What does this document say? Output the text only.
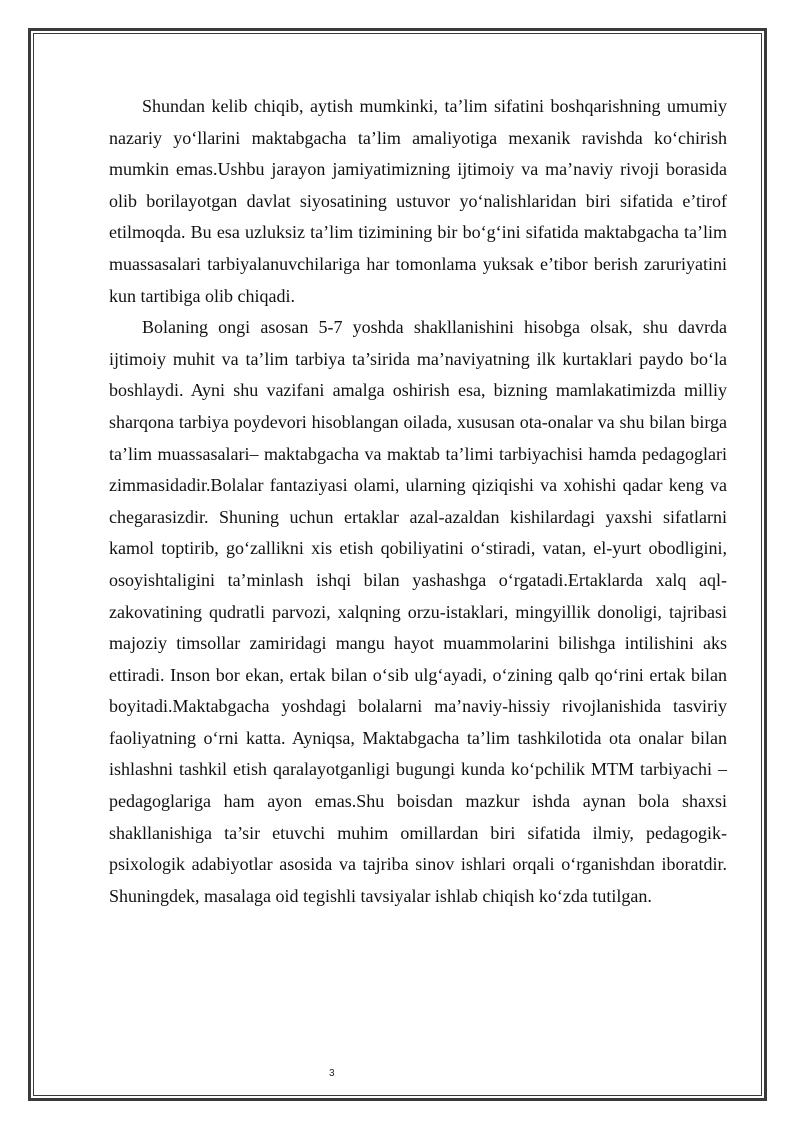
Shundan kelib chiqib, aytish mumkinki, ta’lim sifatini boshqarishning umumiy nazariy yo‘llarini maktabgacha ta’lim amaliyotiga mexanik ravishda ko‘chirish mumkin emas.Ushbu jarayon jamiyatimizning ijtimoiy va ma’naviy rivoji borasida olib borilayotgan davlat siyosatining ustuvor yo‘nalishlaridan biri sifatida e’tirof etilmoqda. Bu esa uzluksiz ta’lim tizimining bir bo‘g‘ini sifatida maktabgacha ta’lim muassasalari tarbiyalanuvchilariga har tomonlama yuksak e’tibor berish zaruriyatini kun tartibiga olib chiqadi.

Bolaning ongi asosan 5-7 yoshda shakllanishini hisobga olsak, shu davrda ijtimoiy muhit va ta’lim tarbiya ta’sirida ma’naviyatning ilk kurtaklari paydo bo‘la boshlaydi. Ayni shu vazifani amalga oshirish esa, bizning mamlakatimizda milliy sharqona tarbiya poydevori hisoblangan oilada, xususan ota-onalar va shu bilan birga ta’lim muassasalari– maktabgacha va maktab ta’limi tarbiyachisi hamda pedagoglari zimmasidadir.Bolalar fantaziyasi olami, ularning qiziqishi va xohishi qadar keng va chegarasizdir. Shuning uchun ertaklar azal-azaldan kishilardagi yaxshi sifatlarni kamol toptirib, go‘zallikni xis etish qobiliyatini o‘stiradi, vatan, el-yurt obodligini, osoyishtaligini ta’minlash ishqi bilan yashashga o‘rgatadi.Ertaklarda xalq aql-zakovatining qudratli parvozi, xalqning orzu-istaklari, mingyillik donoligi, tajribasi majoziy timsollar zamiridagi mangu hayot muammolarini bilishga intilishini aks ettiradi. Inson bor ekan, ertak bilan o‘sib ulg‘ayadi, o‘zining qalb qo‘rini ertak bilan boyitadi.Maktabgacha yoshdagi bolalarni ma’naviy-hissiy rivojlanishida tasviriy faoliyatning o‘rni katta. Ayniqsa, Maktabgacha ta’lim tashkilotida ota onalar bilan ishlashni tashkil etish qaralayotganligi bugungi kunda ko‘pchilik MTM tarbiyachi –pedagoglariga ham ayon emas.Shu boisdan mazkur ishda aynan bola shaxsi shakllanishiga ta’sir etuvchi muhim omillardan biri sifatida ilmiy, pedagogik-psixologik adabiyotlar asosida va tajriba sinov ishlari orqali o‘rganishdan iboratdir. Shuningdek, masalaga oid tegishli tavsiyalar ishlab chiqish ko‘zda tutilgan.

3
